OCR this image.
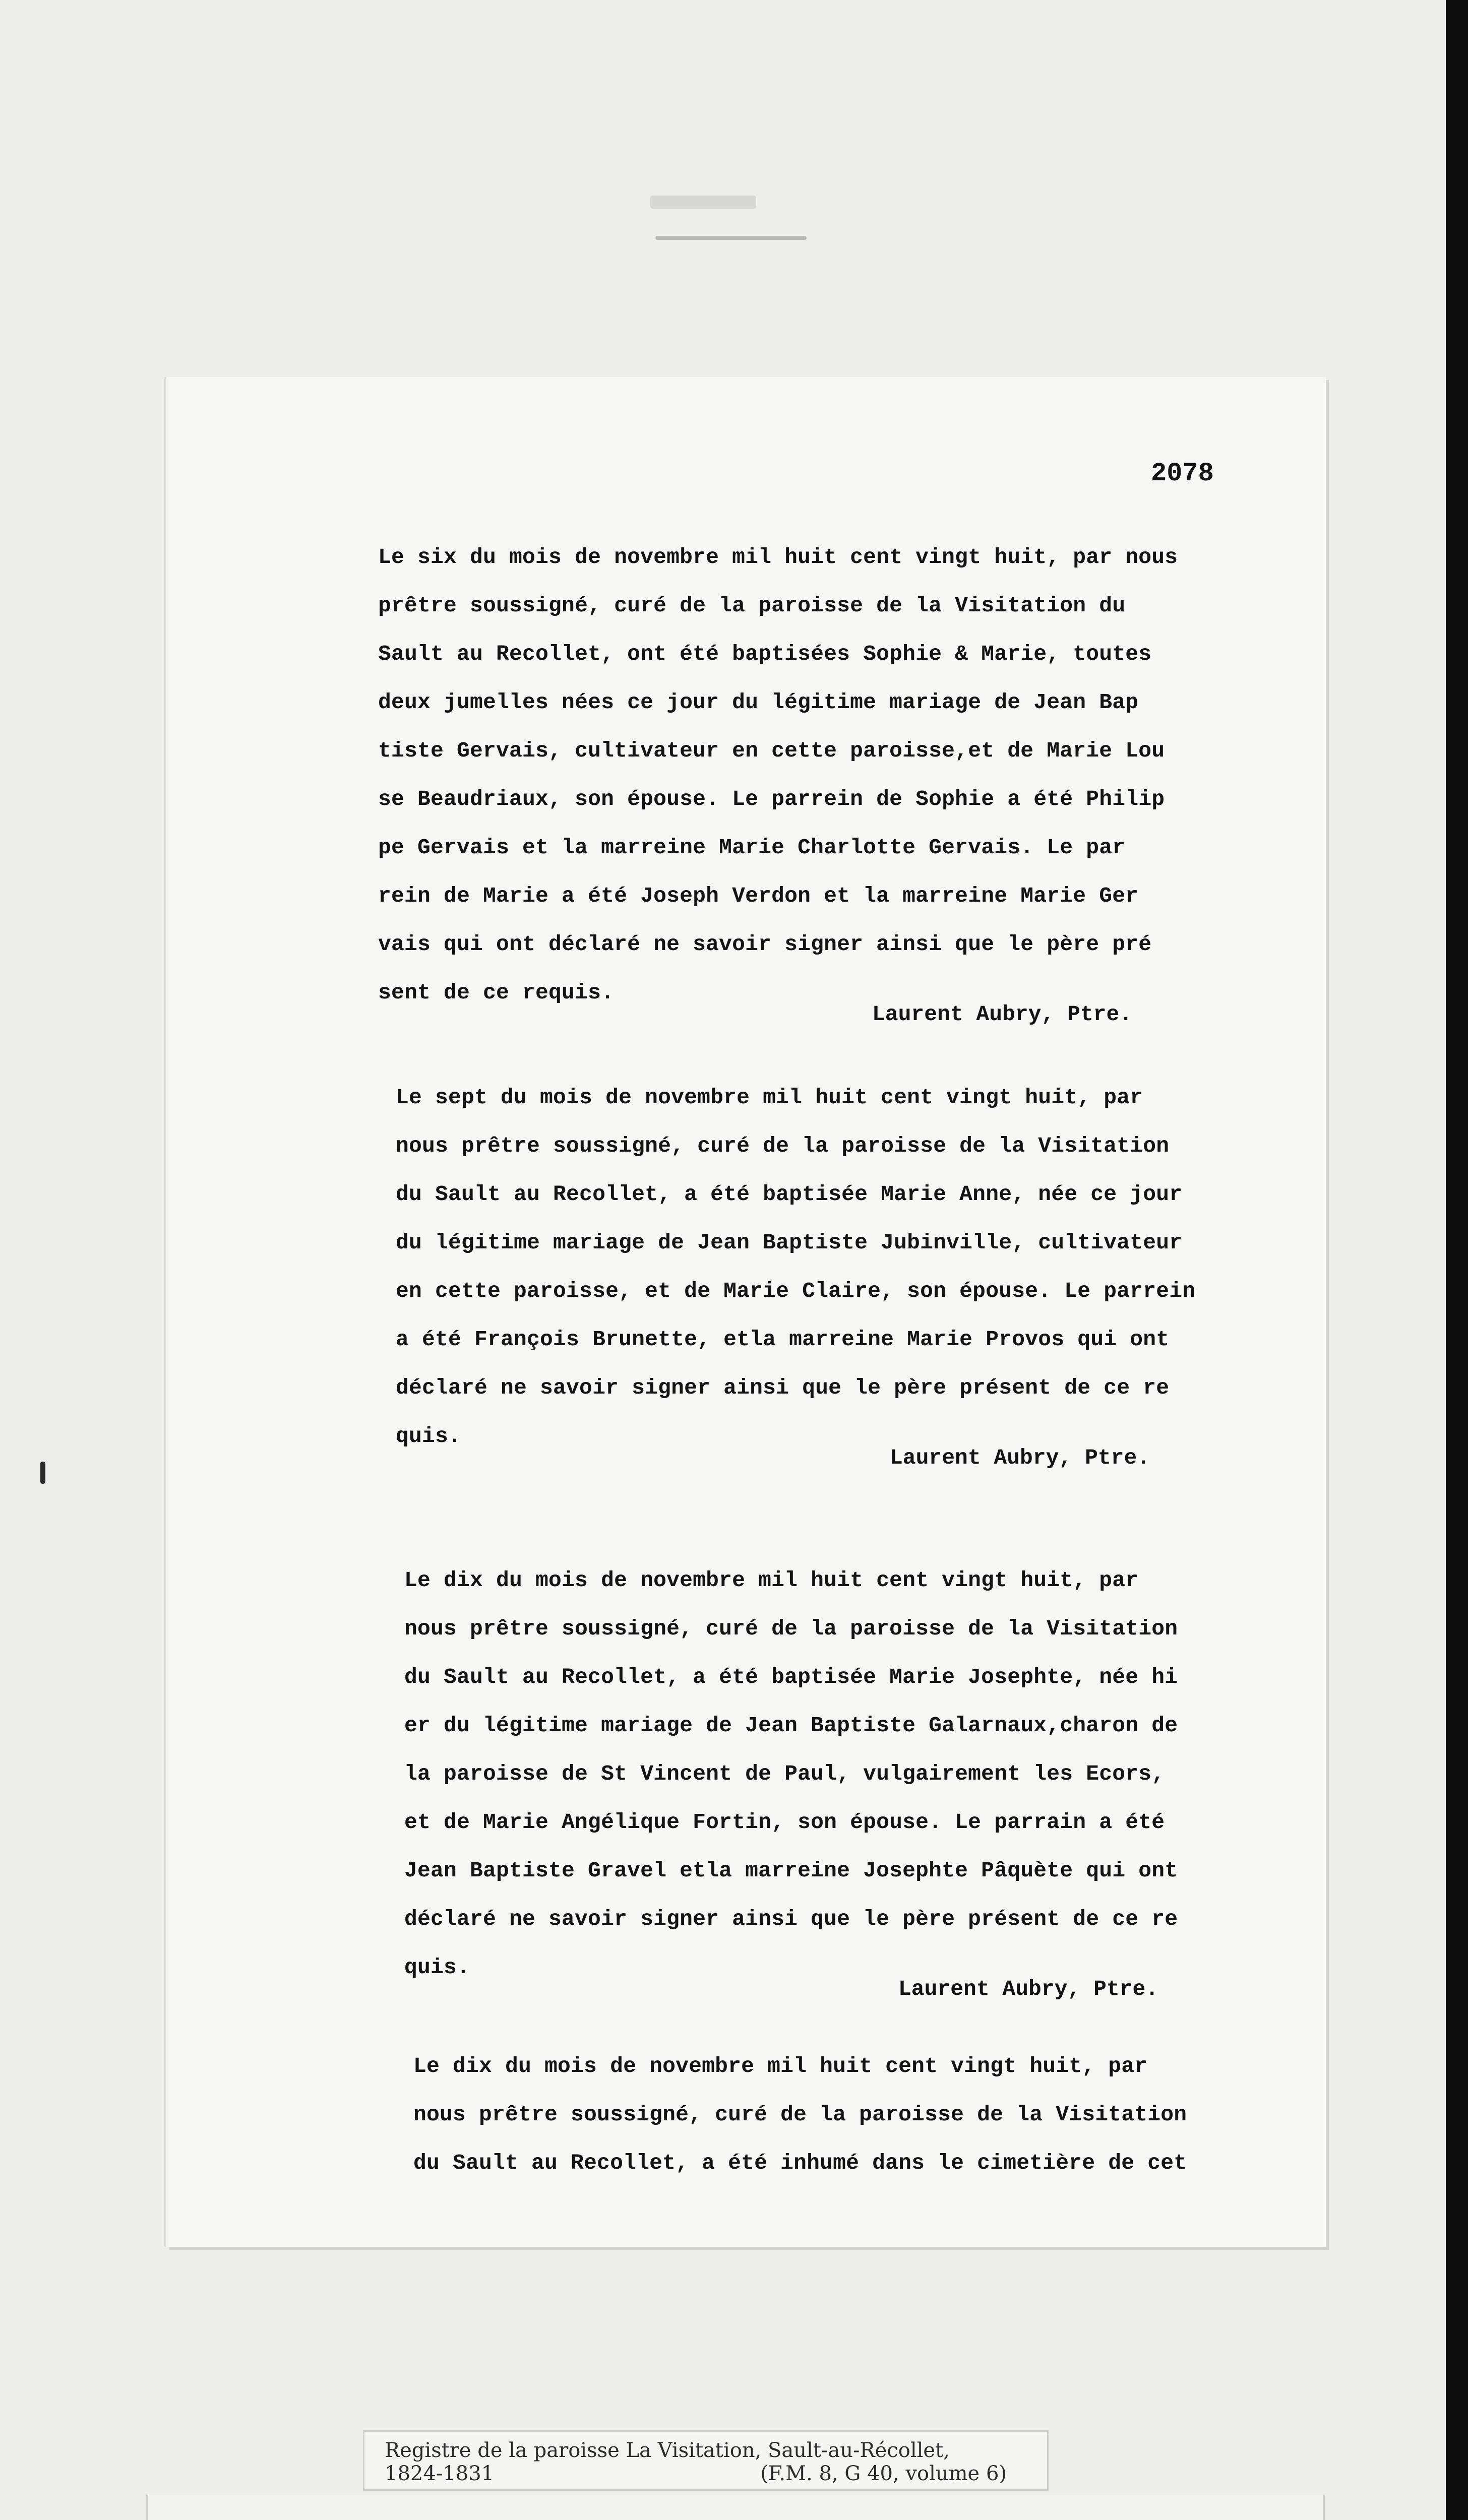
2078
Le six du mois de novembre mil huit cent vingt huit, par nous
prêtre soussigné, curé de la paroisse de la Visitation du
Sault au Recollet, ont été baptisées Sophie & Marie, toutes
deux jumelles nées ce jour du légitime mariage de Jean Bap
tiste Gervais, cultivateur en cette paroisse,et de Marie Lou
se Beaudriaux, son épouse. Le parrein de Sophie a été Philip
pe Gervais et la marreine Marie Charlotte Gervais. Le par
rein de Marie a été Joseph Verdon et la marreine Marie Ger
vais qui ont déclaré ne savoir signer ainsi que le père pré
sent de ce requis.
Laurent Aubry, Ptre.
Le sept du mois de novembre mil huit cent vingt huit, par
nous prêtre soussigné, curé de la paroisse de la Visitation
du Sault au Recollet, a été baptisée Marie Anne, née ce jour
du légitime mariage de Jean Baptiste Jubinville, cultivateur
en cette paroisse, et de Marie Claire, son épouse. Le parrein
a été François Brunette, etla marreine Marie Provos qui ont
déclaré ne savoir signer ainsi que le père présent de ce re
quis.
Laurent Aubry, Ptre.
Le dix du mois de novembre mil huit cent vingt huit, par
nous prêtre soussigné, curé de la paroisse de la Visitation
du Sault au Recollet, a été baptisée Marie Josephte, née hi
er du légitime mariage de Jean Baptiste Galarnaux,charon de
la paroisse de St Vincent de Paul, vulgairement les Ecors,
et de Marie Angélique Fortin, son épouse. Le parrain a été
Jean Baptiste Gravel etla marreine Josephte Pâquète qui ont
déclaré ne savoir signer ainsi que le père présent de ce re
quis.
Laurent Aubry, Ptre.
Le dix du mois de novembre mil huit cent vingt huit, par
nous prêtre soussigné, curé de la paroisse de la Visitation
du Sault au Recollet, a été inhumé dans le cimetière de cet
Registre de la paroisse La Visitation, Sault-au-Récollet,
1824-1831	(F.M. 8, G 40, volume 6)
